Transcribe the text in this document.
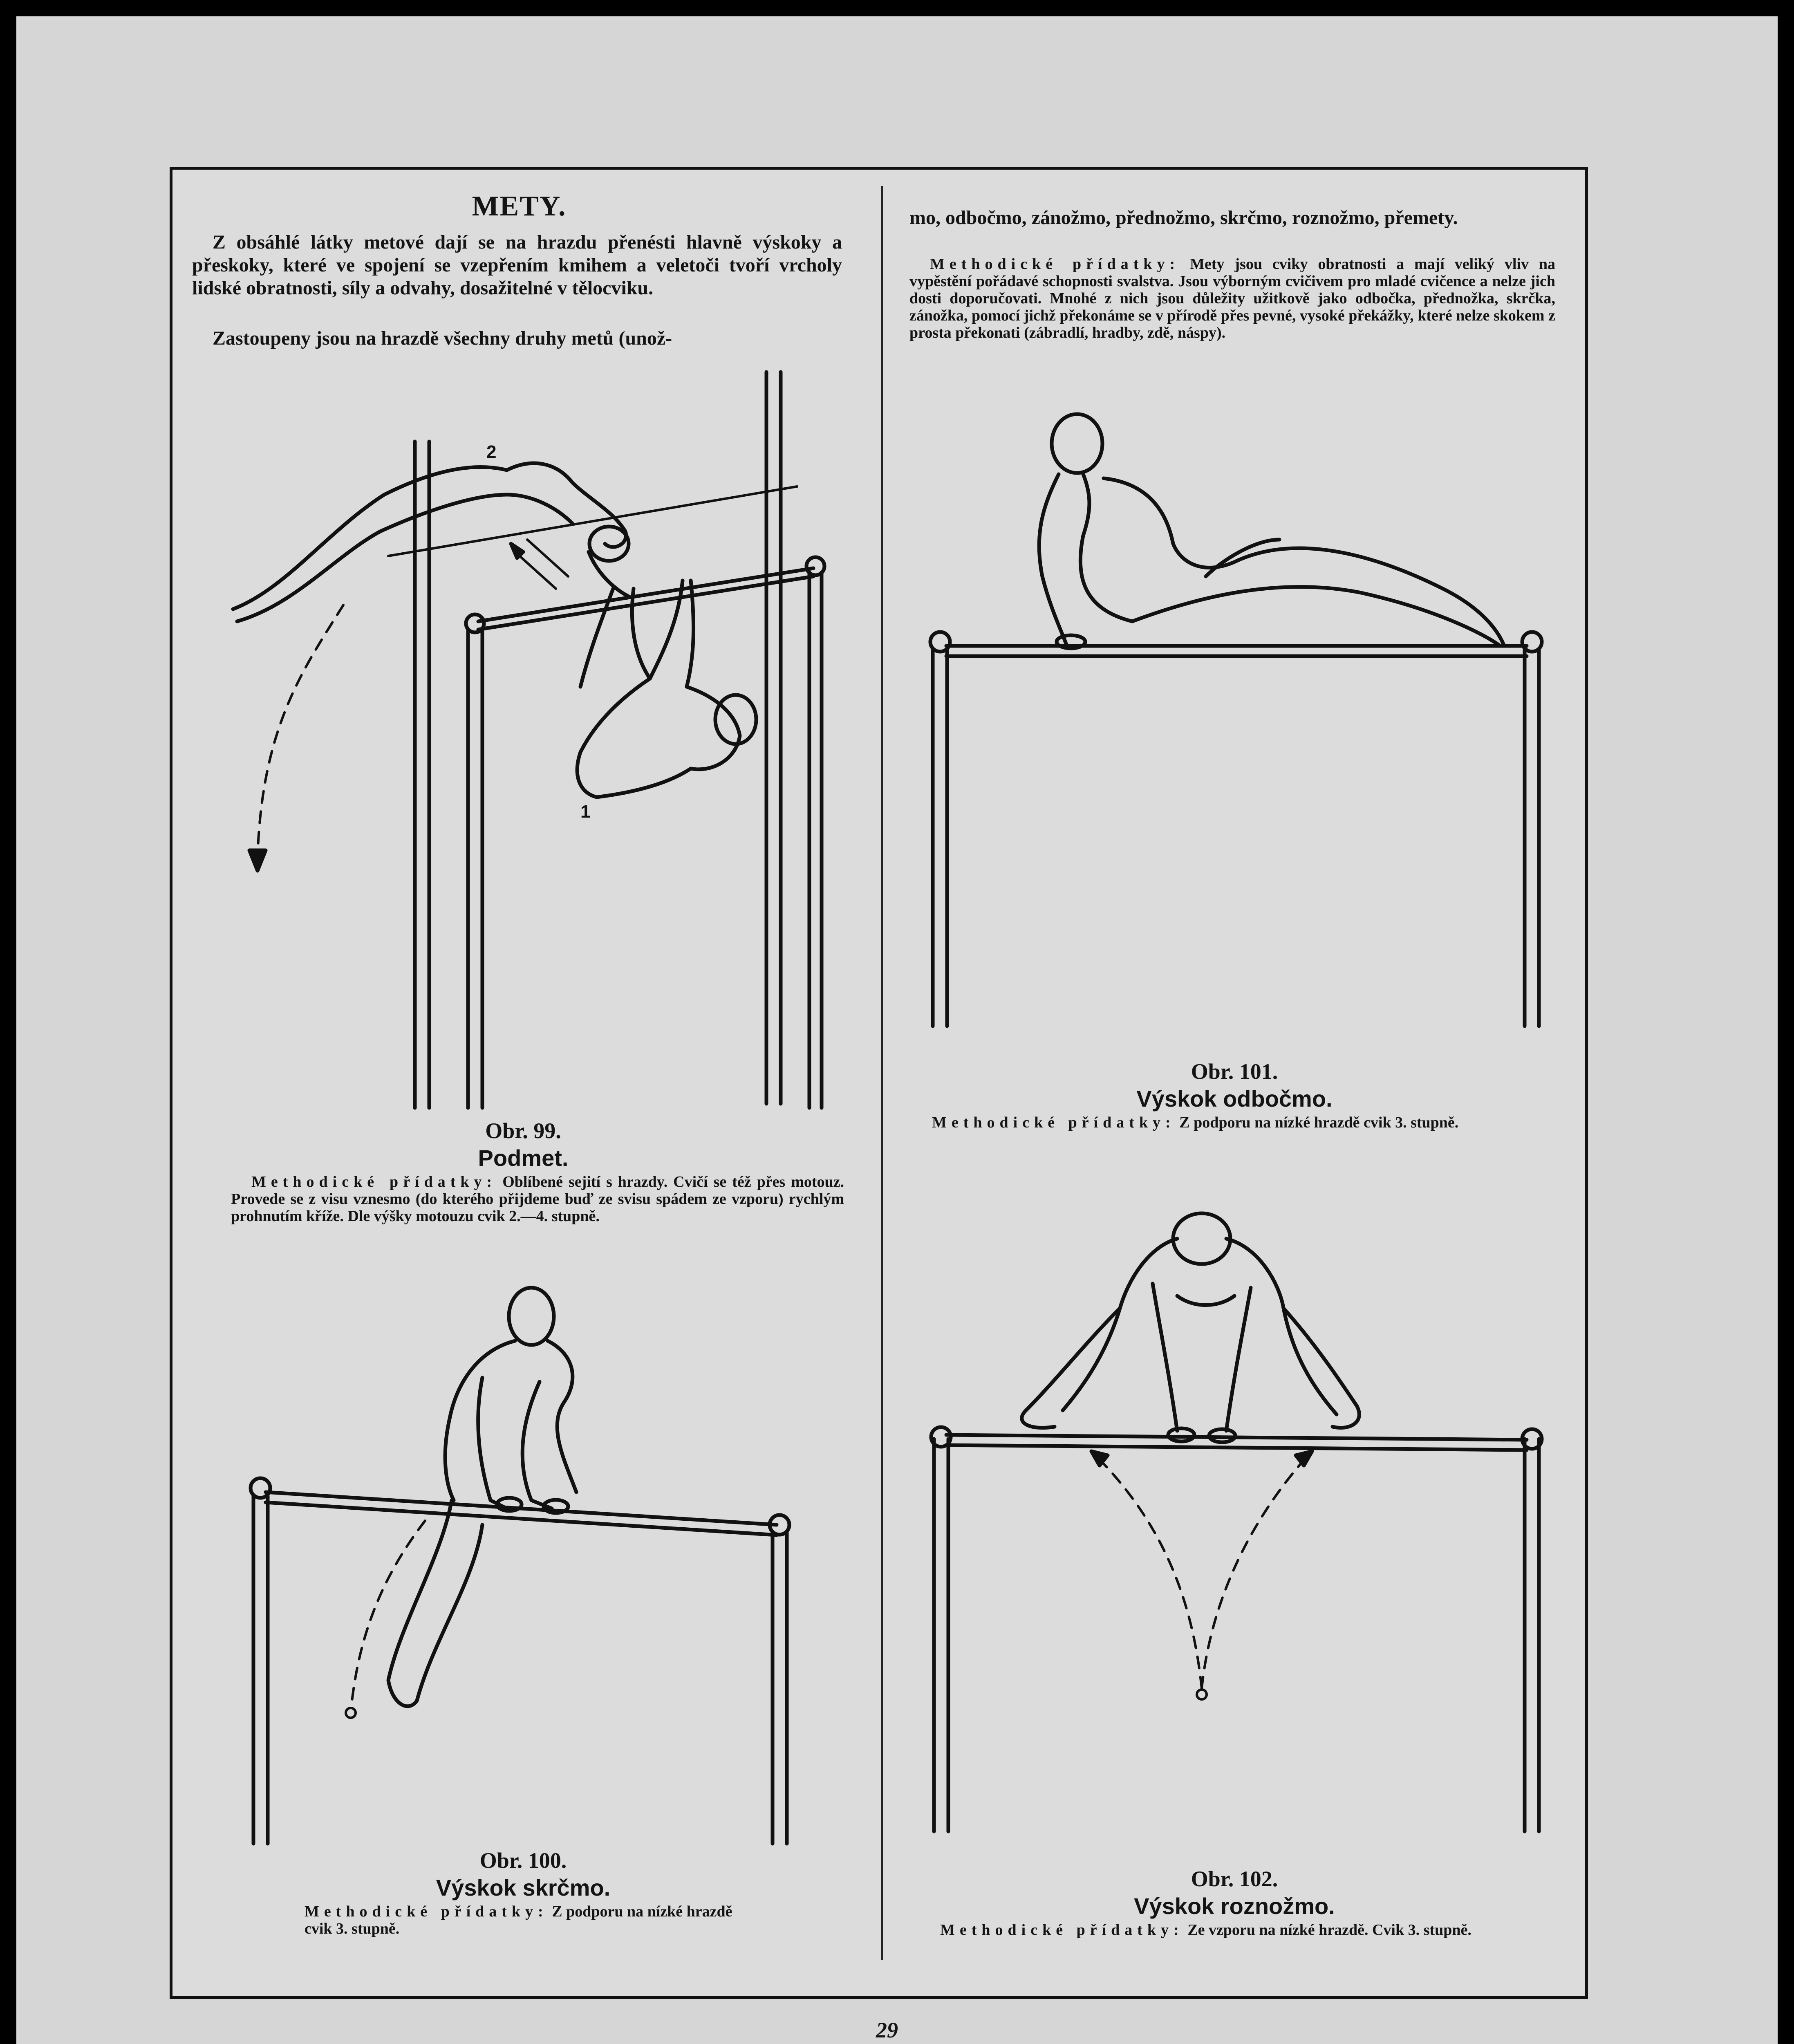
METY.

Z obsáhlé látky metové dají se na hrazdu přenésti hlavně výskoky a přeskoky, které ve spojení se vzepřením kmihem a veletoči tvoří vrcholy lidské obratnosti, síly a odvahy, dosažitelné v tělocviku.

Zastoupeny jsou na hrazdě všechny druhy metů (unož-

mo, odbočmo, zánožmo, přednožmo, skrčmo, roznožmo, přemety.

Methodické přídatky: Mety jsou cviky obratnosti a mají veliký vliv na vypěstění pořádavé schopnosti svalstva. Jsou výborným cvičivem pro mladé cvičence a nelze jich dosti doporučovati. Mnohé z nich jsou důležity užitkově jako odbočka, přednožka, skrčka, zánožka, pomocí jichž překonáme se v přírodě přes pevné, vysoké překážky, které nelze skokem z prosta překonati (zábradlí, hradby, zdě, náspy).

2
1
Obr. 99.
Podmet.

Methodické přídatky: Oblíbené sejití s hrazdy. Cvičí se též přes motouz. Provede se z visu vznesmo (do kterého přijdeme buď ze svisu spádem ze vzporu) rychlým prohnutím kříže. Dle výšky motouzu cvik 2.—4. stupně.

Obr. 100.
Výskok skrčmo.

Methodické přídatky: Z podporu na nízké hrazdě cvik 3. stupně.

Obr. 101.
Výskok odbočmo.

Methodické přídatky: Z podporu na nízké hrazdě cvik 3. stupně.

Obr. 102.
Výskok roznožmo.

Methodické přídatky: Ze vzporu na nízké hrazdě. Cvik 3. stupně.

29
